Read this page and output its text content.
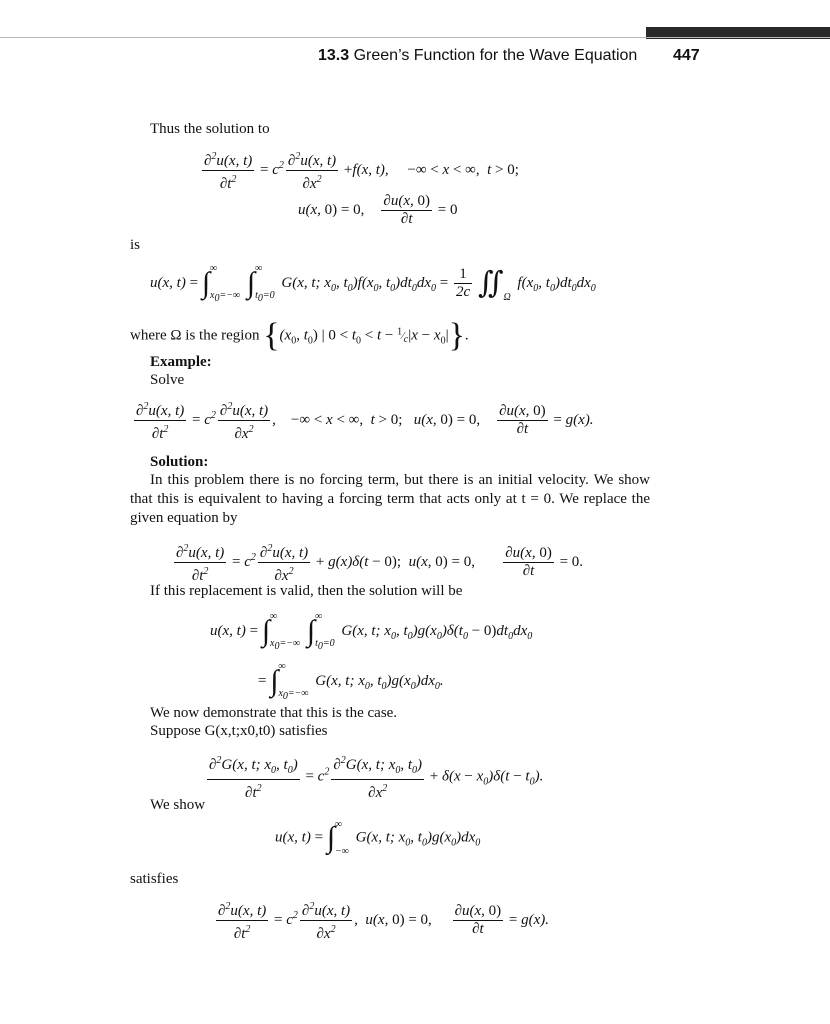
13.3 Green’s Function for the Wave Equation 447
Thus the solution to
$\frac{\partial^2u(x, t)}{\partial t^2} = c^2 \frac{\partial^2u(x, t)}{\partial x^2} +f(x$, t),     −∞ < x < ∞, t > 0;
u(x, 0) = 0, $\frac{\partial u(x, 0)}{\partial t} = 0$
is
u(x, t) = ∫ ∞
$x_0=-\infty$ ∫ ∞
$t_0=0$ G(x, t; $x_0$, $t_0)f(x_0$, $t_0)dt_0dx_0 = \frac{1}{2c}$ ∬

Ω $f(x_0$, $t_0)dt_0dx_0$
where Ω is the region {($x_0$, $t_0$) | $0 < t_0 < t$ − $^1⁄_c|x - x_0|$}.
Example:
Solve
$\frac{\partial^2u(x, t)}{\partial t^2} = c^2 \frac{\partial^2u(x, t)}{\partial x^2}$ ,    −∞ < x < ∞, t > 0; u(x, 0) = 0, $\frac{\partial u(x, 0)}{\partial t} = g(x)$.
Solution:
In this problem there is no forcing term, but there is an initial velocity. We show that this is equivalent to having a forcing term that acts only at t = 0. We replace the given equation by
$\frac{\partial^2u(x, t)}{\partial t^2} = c^2 \frac{\partial^2u(x, t)}{\partial x^2} + g(x)\delta(t - 0)$; u(x, 0) = 0, $\frac{\partial u(x, 0)}{\partial t} = 0$.
If this replacement is valid, then the solution will be
u(x, t) = ∫ ∞
$x_0=-\infty$ ∫ ∞
$t_0=0$ G(x, t; $x_0$, $t_0)g(x_0)\delta(t_0 - 0)dt_0dx_0$
= ∫ ∞
$x_0=-\infty$ G(x, t; $x_0$, $t_0)g(x_0)dx_0$.
We now demonstrate that this is the case.
Suppose G(x,t;x0,t0) satisfies
$\frac{\partial^2G(x, t; x_0, t_0)}{\partial t^2} = c^2 \frac{\partial^2G(x, t; x_0, t_0)}{\partial x^2} + \delta(x - x_0)\delta(t - t_0)$.
We show
u(x, t) = ∫ ∞
−∞ G(x, t; $x_0$, $t_0)g(x_0)dx_0$
satisfies
$\frac{\partial^2u(x, t)}{\partial t^2} = c^2 \frac{\partial^2u(x, t)}{\partial x^2}$ ,  u(x, 0) = 0, $\frac{\partial u(x, 0)}{\partial t} = g(x)$.
